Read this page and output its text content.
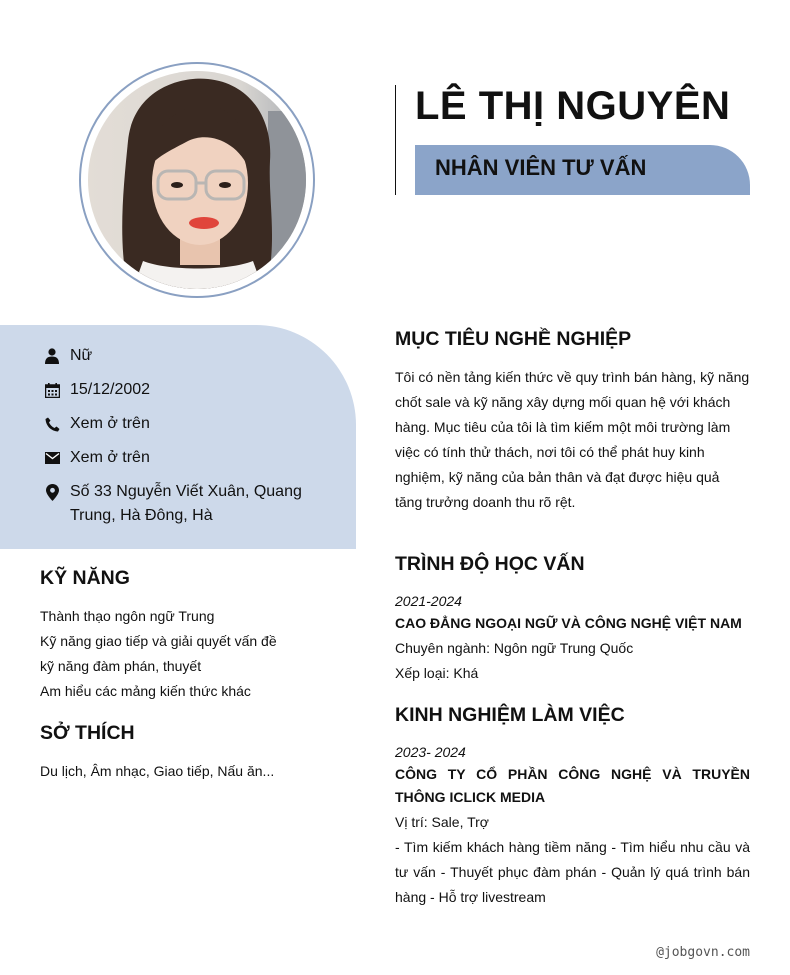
LÊ THỊ NGUYÊN
NHÂN VIÊN TƯ VẤN
Nữ
15/12/2002
Xem ở trên
Xem ở trên
Số 33 Nguyễn Viết Xuân, Quang Trung, Hà Đông, Hà
KỸ NĂNG
Thành thạo ngôn ngữ Trung
Kỹ năng giao tiếp và giải quyết vấn đề
kỹ năng đàm phán, thuyết
Am hiểu các mảng kiến thức khác
SỞ THÍCH
Du lịch, Âm nhạc, Giao tiếp, Nấu ăn...
MỤC TIÊU NGHỀ NGHIỆP
Tôi có nền tảng kiến thức về quy trình bán hàng, kỹ năng chốt sale và kỹ năng xây dựng mối quan hệ với khách hàng. Mục tiêu của tôi là tìm kiếm một môi trường làm việc có tính thử thách, nơi tôi có thể phát huy kinh nghiệm, kỹ năng của bản thân và đạt được hiệu quả tăng trưởng doanh thu rõ rệt.
TRÌNH ĐỘ HỌC VẤN
2021-2024
CAO ĐẲNG NGOẠI NGỮ VÀ CÔNG NGHỆ VIỆT NAM
Chuyên ngành: Ngôn ngữ Trung Quốc
Xếp loại: Khá
KINH NGHIỆM LÀM VIỆC
2023- 2024
CÔNG TY CỔ PHẦN CÔNG NGHỆ VÀ TRUYỀN THÔNG ICLICK MEDIA
Vị trí: Sale, Trợ
- Tìm kiếm khách hàng tiềm năng - Tìm hiểu nhu cầu và tư vấn - Thuyết phục đàm phán - Quản lý quá trình bán hàng - Hỗ trợ livestream
@jobgovn.com
